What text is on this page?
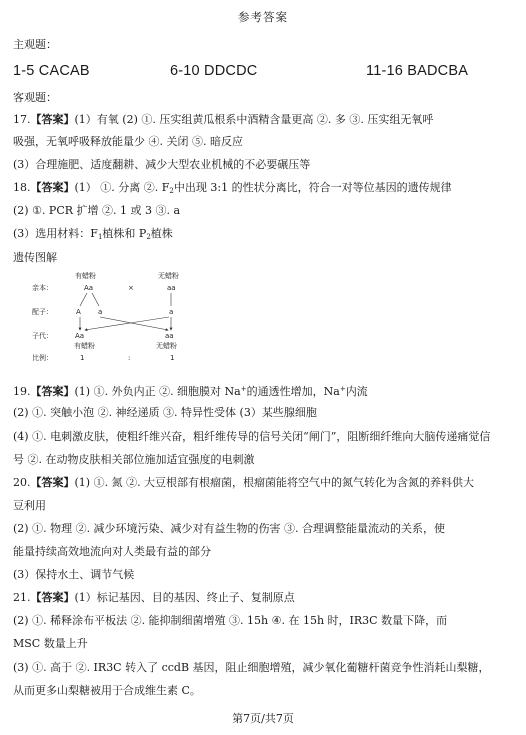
参考答案
主观题：
1-5 CACAB	6-10 DDCDC	11-16 BADCBA
客观题：
17.【答案】(1）有氧 (2) ①. 压实组黄瓜根系中酒精含量更高 ②. 多 ③. 压实组无氧呼
吸强，无氧呼吸释放能量少 ④. 关闭 ⑤. 暗反应
(3）合理施肥、适度翻耕、减少大型农业机械的不必要碾压等
18.【答案】(1） ①. 分离 ②. $F_2$中出现 3:1 的性状分离比，符合一对等位基因的遗传规律
(2) ①. PCR 扩增 ②. 1 或 3 ③. a
(3）选用材料：$F_1$植株和 $P_2$植株
遗传图解
有蜡粉
亲本：	Aa	×
无蜡粉
aa
配子：	A a	a
子代：	Aa	aa
有蜡粉	无蜡粉
比例：	1	:	1
19.【答案】(1) ①. 外负内正 ②. 细胞膜对 Na+的通透性增加，Na+内流
(2) ①. 突触小泡 ②. 神经递质 ③. 特异性受体 (3）某些腺细胞
(4) ①. 电刺激皮肤，使粗纤维兴奋，粗纤维传导的信号关闭“闸门”，阻断细纤维向大脑传递痛觉信
号 ②. 在动物皮肤相关部位施加适宜强度的电刺激
20.【答案】(1) ①. 氮 ②. 大豆根部有根瘤菌，根瘤菌能将空气中的氮气转化为含氮的养料供大
豆利用
(2) ①. 物理 ②. 减少环境污染、减少对有益生物的伤害 ③. 合理调整能量流动的关系，使
能量持续高效地流向对人类最有益的部分
(3）保持水土、调节气候
21.【答案】(1）标记基因、目的基因、终止子、复制原点
(2) ①. 稀释涂布平板法 ②. 能抑制细菌增殖 ③. 15h ④. 在 15h 时，IR3C 数量下降，而
MSC 数量上升
(3) ①. 高于 ②. IR3C 转入了 ccdB 基因，阻止细胞增殖，减少氧化葡糖杆菌竞争性消耗山梨糖，
从而更多山梨糖被用于合成维生素 C。
第7页/共7页
